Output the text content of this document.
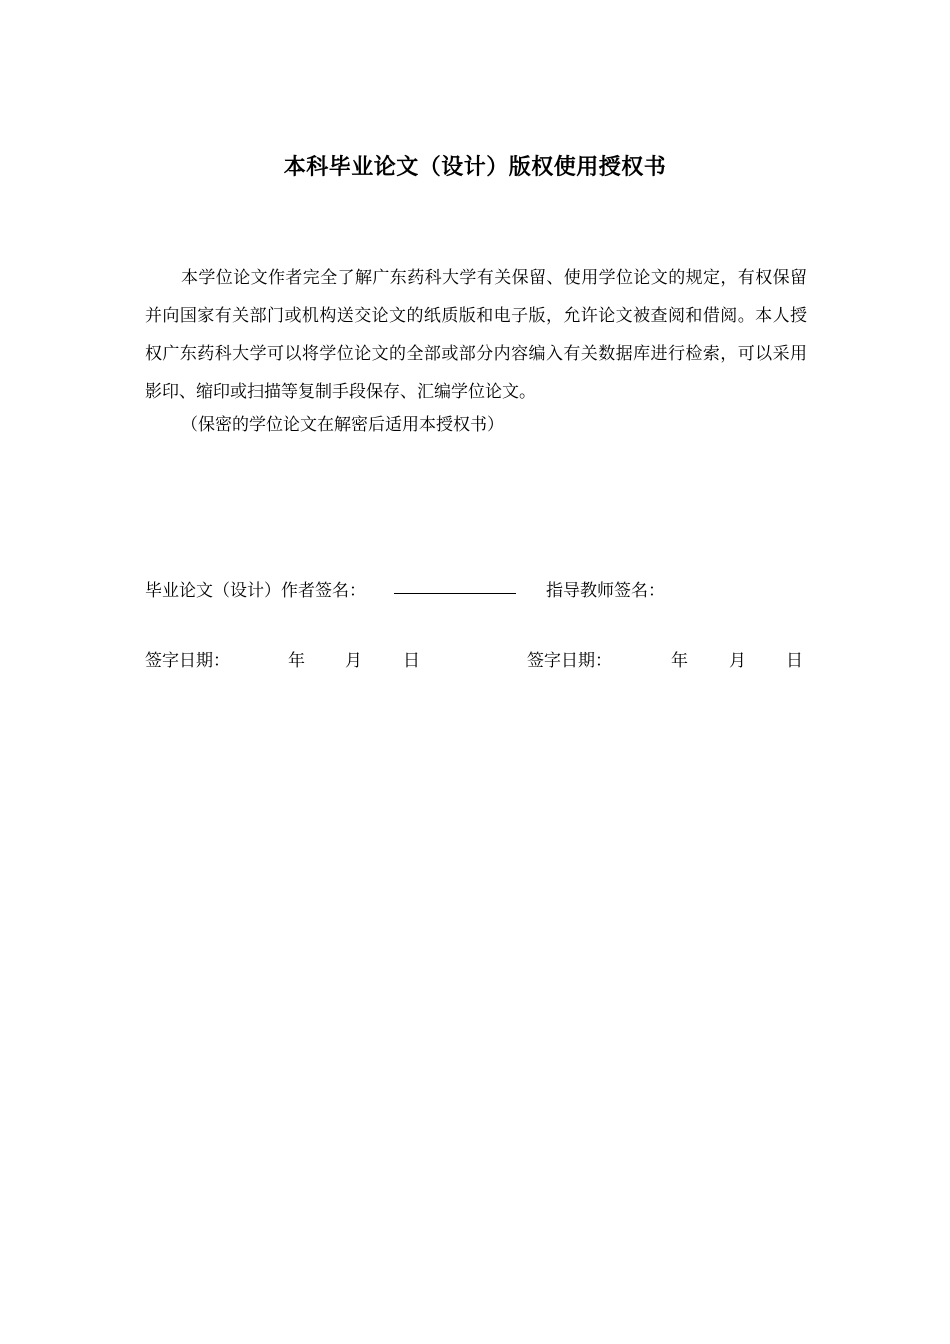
本科毕业论文（设计）版权使用授权书
本学位论文作者完全了解广东药科大学有关保留、使用学位论文的规定，有权保留并向国家有关部门或机构送交论文的纸质版和电子版，允许论文被查阅和借阅。本人授权广东药科大学可以将学位论文的全部或部分内容编入有关数据库进行检索，可以采用影印、缩印或扫描等复制手段保存、汇编学位论文。
（保密的学位论文在解密后适用本授权书）
毕业论文（设计）作者签名：	指导教师签名：
签字日期：	年 月 日	签字日期：	年 月 日
